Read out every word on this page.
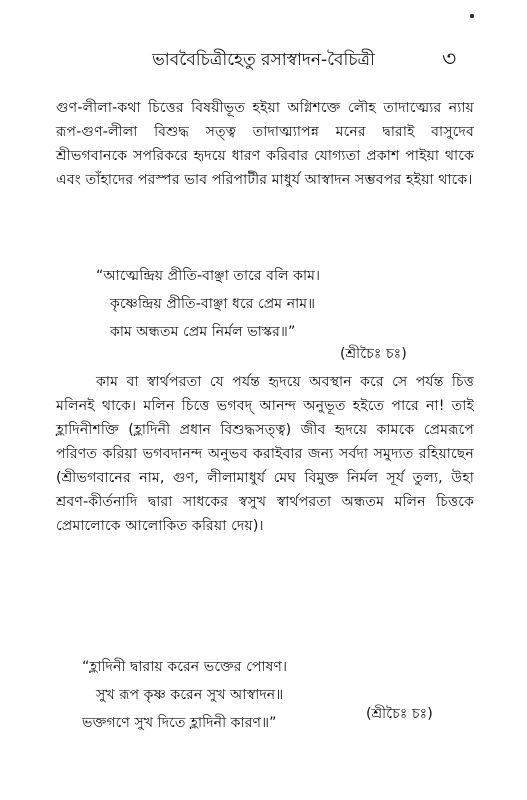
ভাববৈচিত্রীহেতু রসাস্বাদন-বৈচিত্রী	৩

গুণ-লীলা-কথা চিত্তের বিষয়ীভূত হইয়া অগ্নিশক্তে লৌহ তাদাত্ম্যের ন্যায় রূপ-গুণ-লীলা বিশুদ্ধ সত্ত্ব তাদাত্ম্যাপন্ন মনের দ্বারাই বাসুদেব শ্রীভগবানকে সপরিকরে হৃদয়ে ধারণ করিবার যোগ্যতা প্রকাশ পাইয়া থাকে এবং তাঁহাদের পরস্পর ভাব পরিপাটীর মাধুর্য আস্বাদন সম্ভবপর হইয়া থাকে।

“আত্মেন্দ্রিয় প্রীতি-বাঞ্ছা তারে বলি কাম।
কৃষ্ণেন্দ্রিয় প্রীতি-বাঞ্ছা ধরে প্রেম নাম॥
কাম অন্ধতম প্রেম নির্মল ভাস্কর॥”
(শ্রীচৈঃ চঃ)

কাম বা স্বার্থপরতা যে পর্যন্ত হৃদয়ে অবস্থান করে সে পর্যন্ত চিত্ত মলিনই থাকে। মলিন চিত্তে ভগবদ্ আনন্দ অনুভূত হইতে পারে না! তাই হ্লাদিনীশক্তি (হ্লাদিনী প্রধান বিশুদ্ধসত্ত্ব) জীব হৃদয়ে কামকে প্রেমরূপে পরিণত করিয়া ভগবদানন্দ অনুভব করাইবার জন্য সর্বদা সমুদ্যত রহিয়াছেন (শ্রীভগবানের নাম, গুণ, লীলামাধুর্য মেঘ বিমুক্ত নির্মল সূর্য তুল্য, উহা শ্রবণ-কীর্তনাদি দ্বারা সাধকের স্বসুখ স্বার্থপরতা অন্ধতম মলিন চিত্তকে প্রেমালোকে আলোকিত করিয়া দেয়)।

“হ্লাদিনী দ্বারায় করেন ভক্তের পোষণ।
সুখ রূপ কৃষ্ণ করেন সুখ আস্বাদন॥
ভক্তগণে সুখ দিতে হ্লাদিনী কারণ॥”
(শ্রীচৈঃ চঃ)
